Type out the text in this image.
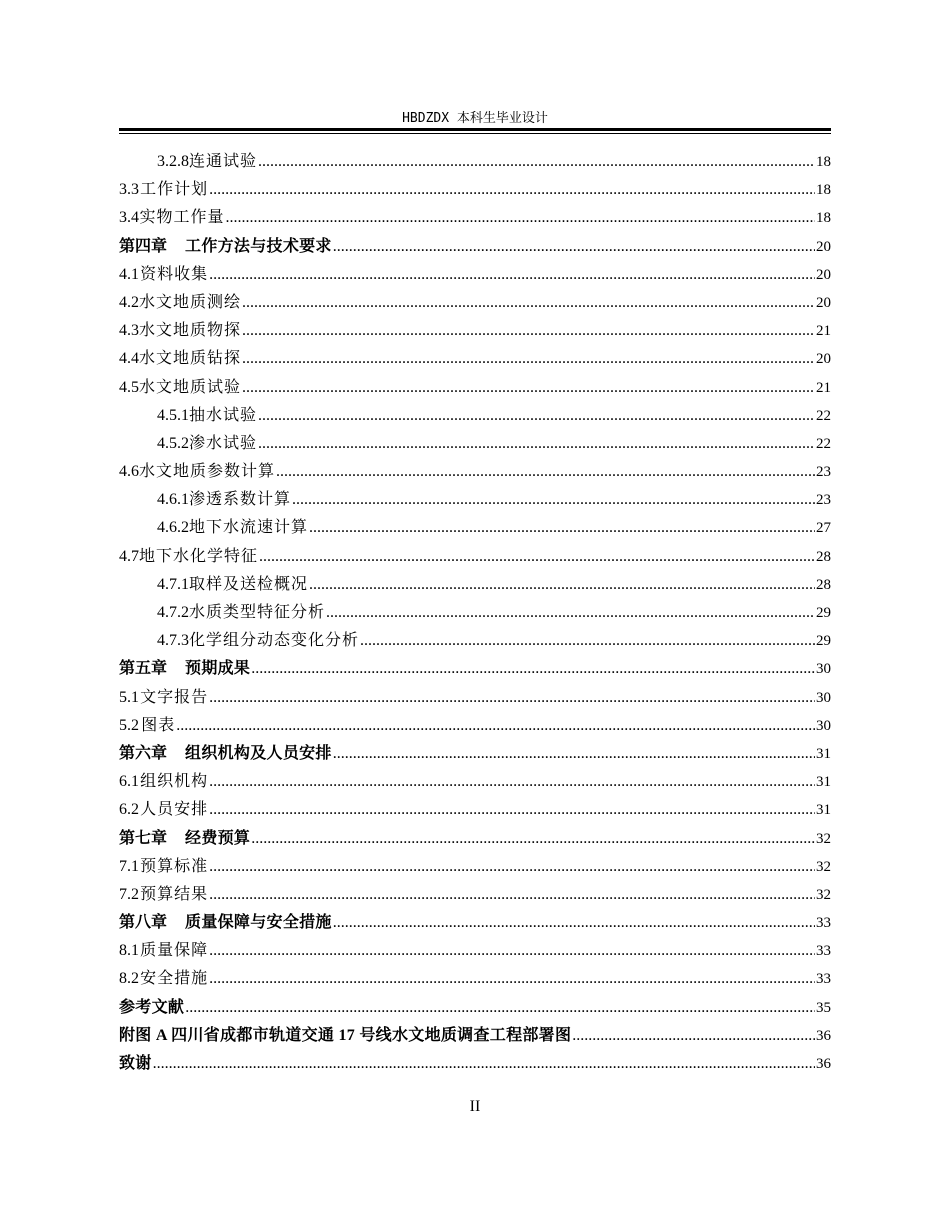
HBDZDX 本科生毕业设计
3.2.8 连通试验 .....	18
3.3 工作计划 .....	18
3.4 实物工作量 .....	18
第四章 工作方法与技术要求 .....	20
4.1 资料收集 .....	20
4.2 水文地质测绘 .....	20
4.3 水文地质物探 .....	21
4.4 水文地质钻探 .....	20
4.5 水文地质试验 .....	21
4.5.1 抽水试验 .....	22
4.5.2 渗水试验 .....	22
4.6 水文地质参数计算 .....	23
4.6.1 渗透系数计算 .....	23
4.6.2 地下水流速计算 .....	27
4.7 地下水化学特征 .....	28
4.7.1 取样及送检概况 .....	28
4.7.2 水质类型特征分析 .....	29
4.7.3 化学组分动态变化分析 .....	29
第五章 预期成果 .....	30
5.1 文字报告 .....	30
5.2 图表 .....	30
第六章 组织机构及人员安排 .....	31
6.1 组织机构 .....	31
6.2 人员安排 .....	31
第七章 经费预算 .....	32
7.1 预算标准 .....	32
7.2 预算结果 .....	32
第八章 质量保障与安全措施 .....	33
8.1 质量保障 .....	33
8.2 安全措施 .....	33
参考文献 .....	35
附图 A 四川省成都市轨道交通 17 号线水文地质调查工程部署图 .....	36
致谢 .....	36
II
